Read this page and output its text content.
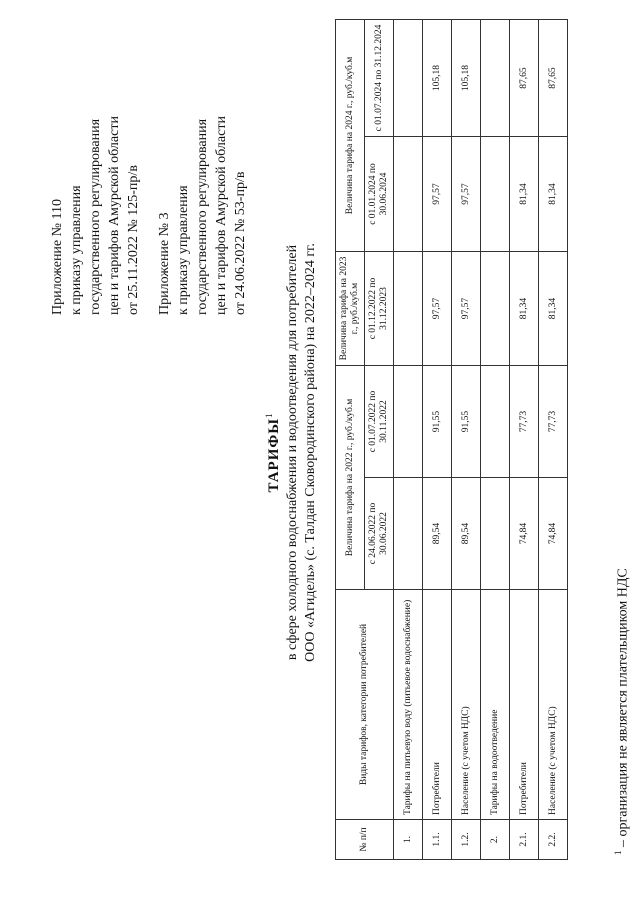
Приложение № 110 к приказу управления государственного регулирования цен и тарифов Амурской области от 25.11.2022 № 125-пр/в Приложение № 3 к приказу управления государственного регулирования цен и тарифов Амурской области от 24.06.2022 № 53-пр/в
ТАРИФЫ$^1$ в сфере холодного водоснабжения и водоотведения для потребителей ООО «Агидель» (с. Талдан Сковородинского района) на 2022–2024 гг.
№ п/п	Виды тарифов, категории потребителей	Величина тарифа на 2022 г., руб./куб.м		Величина тарифа на 2023 г., руб./куб.м	Величина тарифа на 2024 г., руб./куб.м	
		с 24.06.2022 по 30.06.2022	с 01.07.2022 по 30.11.2022	с 01.12.2022 по 31.12.2023	с 01.01.2024 по 30.06.2024	с 01.07.2024 по 31.12.2024
1.	Тарифы на питьевую воду (питьевое водоснабжение)					
1.1.	Потребители	89,54	91,55	97,57	97,57	105,18
1.2.	Население (с учетом НДС)	89,54	91,55	97,57	97,57	105,18
2.	Тарифы на водоотведение					
2.1.	Потребители	74,84	77,73	81,34	81,34	87,65
2.2.	Население (с учетом НДС)	74,84	77,73	81,34	81,34	87,65
$^1$ – организация не является плательщиком НДС
